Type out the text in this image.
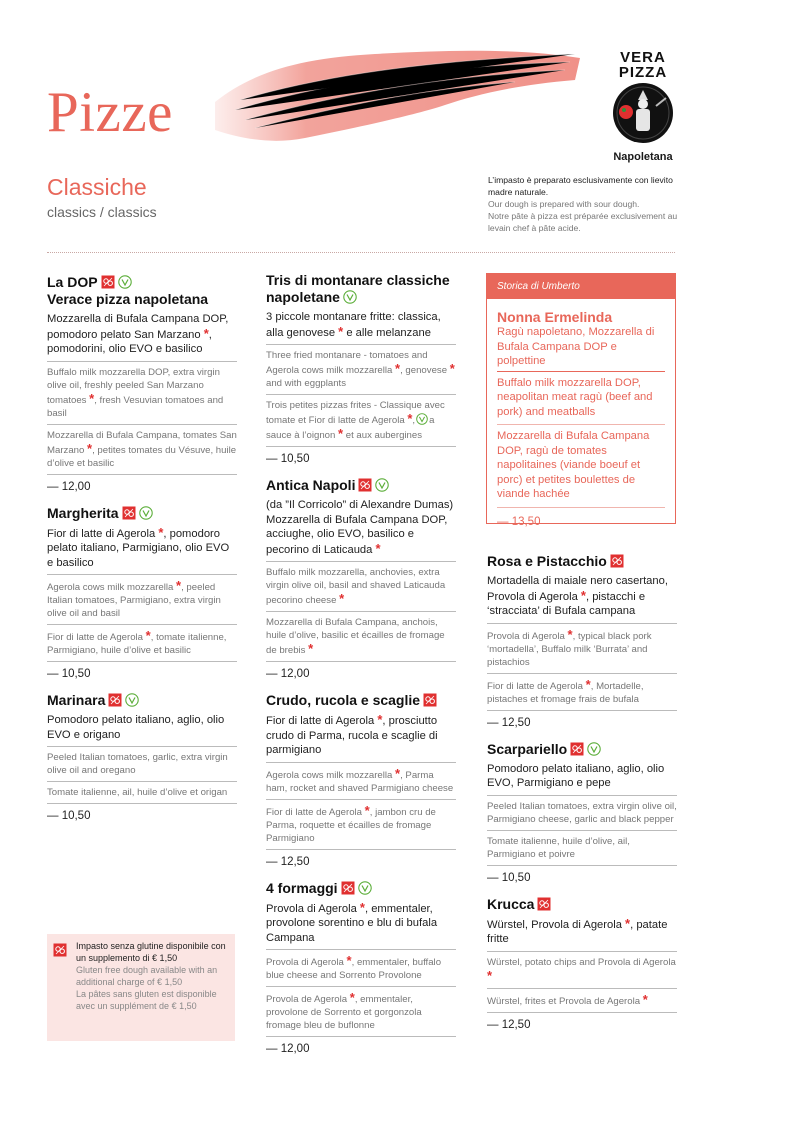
Pizze
VERA
PIZZA
Napoletana
Classiche
classics / classics
L’impasto è preparato esclusivamente con lievito madre naturale.
Our dough is prepared with sour dough.
Notre pâte à pizza est préparée exclusivement au levain chef à pâte acide.
La DOP
Verace pizza napoletana
Mozzarella di Bufala Campana DOP, pomodoro pelato San Marzano *, pomodorini, olio EVO e basilico
Buffalo milk mozzarella DOP, extra virgin olive oil, freshly peeled San Marzano tomatoes *, fresh Vesuvian tomatoes and basil
Mozzarella di Bufala Campana, tomates San Marzano *, petites tomates du Vésuve, huile d’olive et basilic
— 12,00
Margherita
Fior di latte di Agerola *, pomodoro pelato italiano, Parmigiano, olio EVO e basilico
Agerola cows milk mozzarella *, peeled Italian tomatoes, Parmigiano, extra virgin olive oil and basil
Fior di latte de Agerola *, tomate italienne, Parmigiano, huile d’olive et basilic
— 10,50
Marinara
Pomodoro pelato italiano, aglio, olio EVO e origano
Peeled Italian tomatoes, garlic, extra virgin olive oil and oregano
Tomate italienne, ail, huile d’olive et origan
— 10,50
Tris di montanare classiche napoletane
3 piccole montanare fritte: classica, alla genovese * e alle melanzane
Three fried montanare - tomatoes and Agerola cows milk mozzarella *, genovese * and with eggplants
Trois petites pizzas frites - Classique avec tomate et Fior di latte de Agerola *, a sauce à l’oignon * et aux aubergines
— 10,50
Antica Napoli
(da ”Il Corricolo” di Alexandre Dumas) Mozzarella di Bufala Campana DOP, acciughe, olio EVO, basilico e pecorino di Laticauda *
Buffalo milk mozzarella, anchovies, extra virgin olive oil, basil and shaved Laticauda pecorino cheese *
Mozzarella di Bufala Campana, anchois, huile d’olive, basilic et écailles de fromage de brebis *
— 12,00
Crudo, rucola e scaglie
Fior di latte di Agerola *, prosciutto crudo di Parma, rucola e scaglie di parmigiano
Agerola cows milk mozzarella *, Parma ham, rocket and shaved Parmigiano cheese
Fior di latte de Agerola *, jambon cru de Parma, roquette et écailles de fromage Parmigiano
— 12,50
4 formaggi
Provola di Agerola *, emmentaler, provolone sorentino e blu di bufala Campana
Provola di Agerola *, emmentaler, buffalo blue cheese and Sorrento Provolone
Provola de Agerola *, emmentaler, provolone de Sorrento et gorgonzola fromage bleu de buflonne
— 12,00
Storica di Umberto
Nonna Ermelinda
Ragù napoletano, Mozzarella di Bufala Campana DOP e polpettine
Buffalo milk mozzarella DOP, neapolitan meat ragù (beef and pork) and meatballs
Mozzarella di Bufala Campana DOP, ragù de tomates napolitaines (viande boeuf et porc) et petites boulettes de viande hachée
— 13,50
Rosa e Pistacchio
Mortadella di maiale nero casertano, Provola di Agerola *, pistacchi e ‘stracciata’ di Bufala campana
Provola di Agerola *, typical black pork ‘mortadella’, Buffalo milk ‘Burrata’ and pistachios
Fior di latte de Agerola *, Mortadelle, pistaches et fromage frais de bufala
— 12,50
Scarpariello
Pomodoro pelato italiano, aglio, olio EVO, Parmigiano e pepe
Peeled Italian tomatoes, extra virgin olive oil, Parmigiano cheese, garlic and black pepper
Tomate italienne, huile d’olive, ail, Parmigiano et poivre
— 10,50
Krucca
Würstel, Provola di Agerola *, patate fritte
Würstel, potato chips and Provola di Agerola *
Würstel, frites et Provola de Agerola *
— 12,50
Impasto senza glutine disponibile con un supplemento di € 1,50
Gluten free dough available with an additional charge of € 1,50
La pâtes sans gluten est disponible avec un supplément de € 1,50
